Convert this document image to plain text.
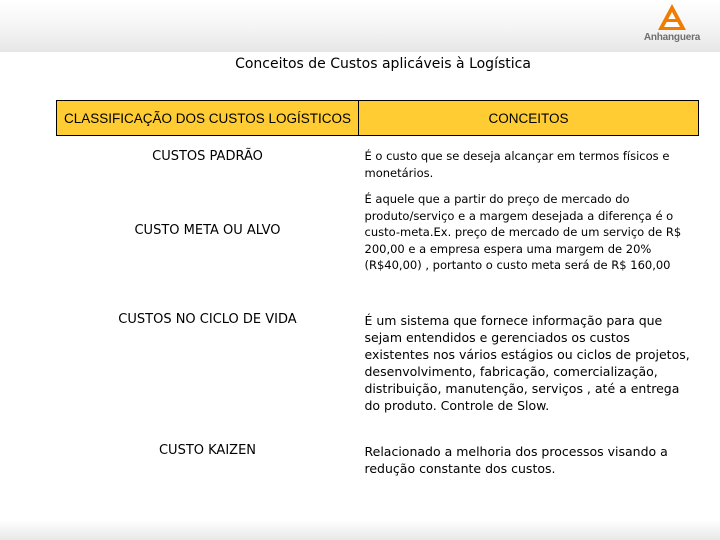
Anhanguera
Conceitos de Custos aplicáveis à Logística
CLASSIFICAÇÃO DOS CUSTOS LOGÍSTICOS	CONCEITOS
CUSTOS PADRÃO	É o custo que se deseja alcançar em termos físicos e monetários.
CUSTO META OU ALVO	É aquele que a partir do preço de mercado do produto/serviço e a margem desejada a diferença é o custo-meta.Ex. preço de mercado de um serviço de R$ 200,00 e a empresa espera uma margem de 20% (R$40,00) , portanto o custo meta será de R$ 160,00
CUSTOS NO CICLO DE VIDA	É um sistema que fornece informação para que sejam entendidos e gerenciados os custos existentes nos vários estágios ou ciclos de projetos, desenvolvimento, fabricação, comercialização, distribuição, manutenção, serviços , até a entrega do produto. Controle de Slow.
CUSTO KAIZEN	Relacionado a melhoria dos processos visando a redução constante dos custos.
